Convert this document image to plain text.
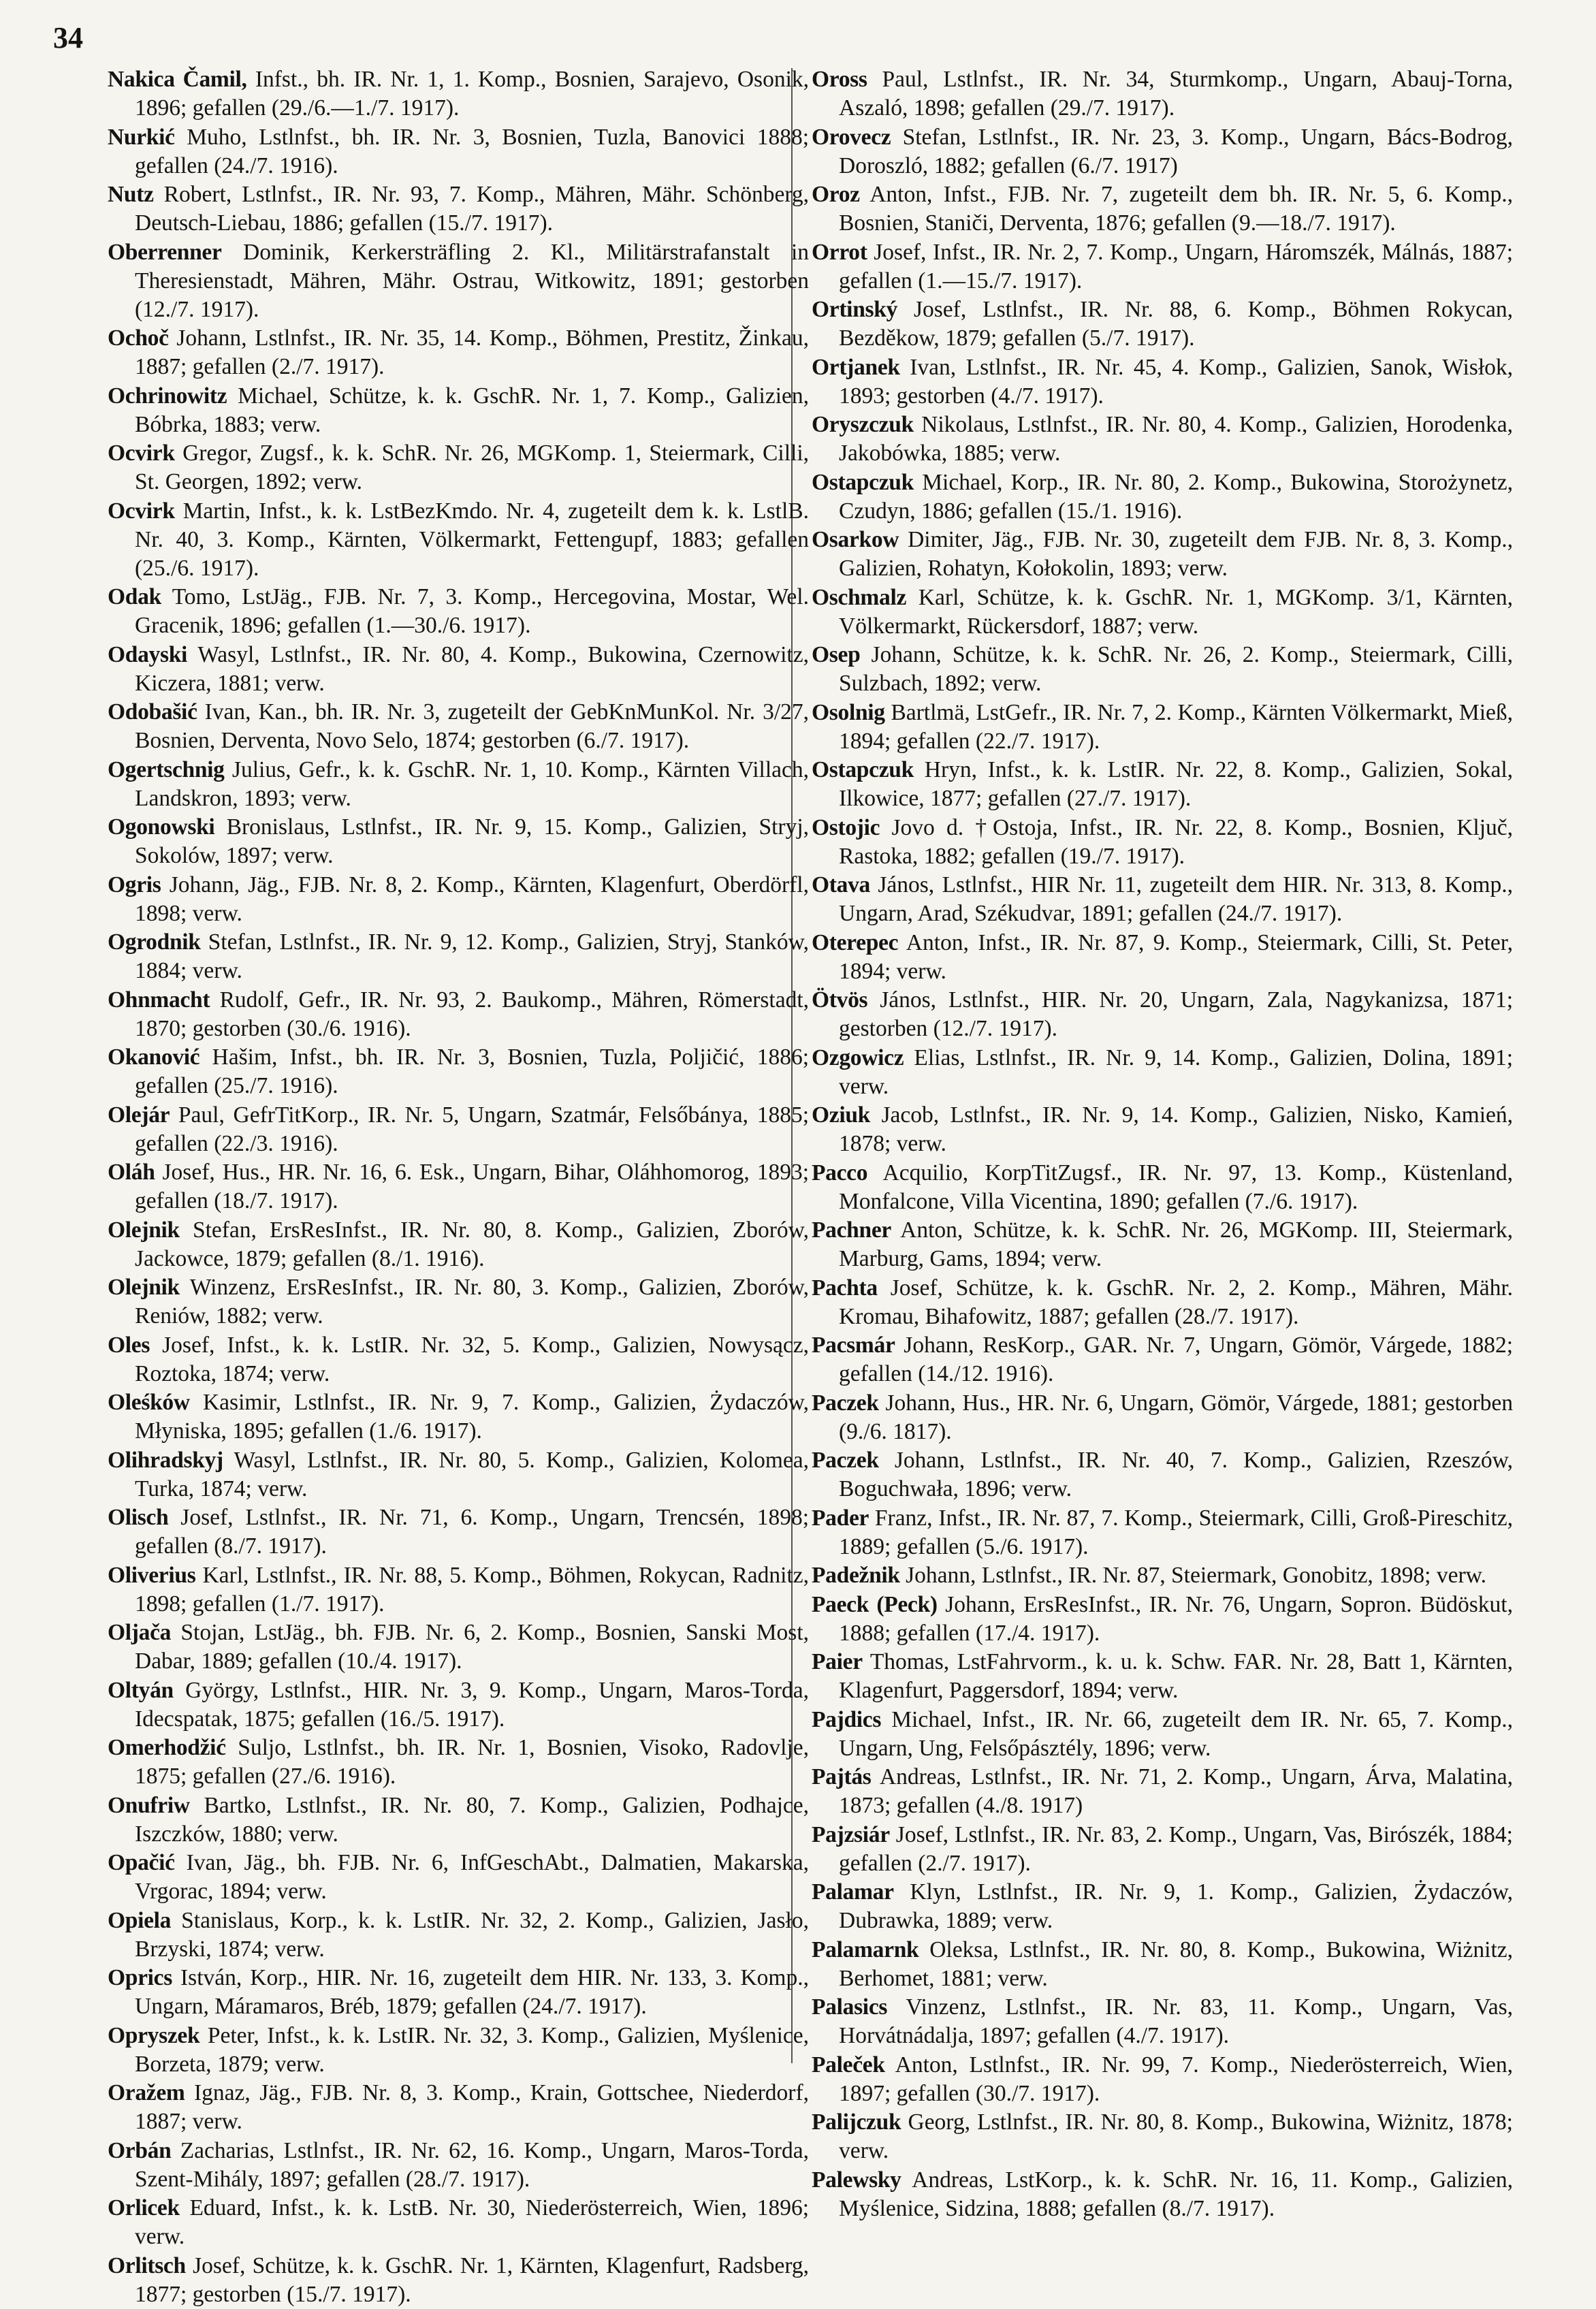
34

Nakica Čamil, Infst., bh. IR. Nr. 1, 1. Komp., Bosnien, Sarajevo, Osonik, 1896; gefallen (29./6.—1./7. 1917).

Nurkić Muho, Lstlnfst., bh. IR. Nr. 3, Bosnien, Tuzla, Banovici 1888; gefallen (24./7. 1916).

Nutz Robert, Lstlnfst., IR. Nr. 93, 7. Komp., Mähren, Mähr. Schönberg, Deutsch-Liebau, 1886; gefallen (15./7. 1917).

Oberrenner Dominik, Kerkersträfling 2. Kl., Militärstrafanstalt in Theresienstadt, Mähren, Mähr. Ostrau, Witkowitz, 1891; gestorben (12./7. 1917).

Ochoč Johann, Lstlnfst., IR. Nr. 35, 14. Komp., Böhmen, Prestitz, Žinkau, 1887; gefallen (2./7. 1917).

Ochrinowitz Michael, Schütze, k. k. GschR. Nr. 1, 7. Komp., Galizien, Bóbrka, 1883; verw.

Ocvirk Gregor, Zugsf., k. k. SchR. Nr. 26, MGKomp. 1, Steiermark, Cilli, St. Georgen, 1892; verw.

Ocvirk Martin, Infst., k. k. LstBezKmdo. Nr. 4, zugeteilt dem k. k. LstlB. Nr. 40, 3. Komp., Kärnten, Völkermarkt, Fettengupf, 1883; gefallen (25./6. 1917).

Odak Tomo, LstJäg., FJB. Nr. 7, 3. Komp., Hercegovina, Mostar, Wel. Gracenik, 1896; gefallen (1.—30./6. 1917).

Odayski Wasyl, Lstlnfst., IR. Nr. 80, 4. Komp., Bukowina, Czernowitz, Kiczera, 1881; verw.

Odobašić Ivan, Kan., bh. IR. Nr. 3, zugeteilt der GebKnMunKol. Nr. 3/27, Bosnien, Derventa, Novo Selo, 1874; gestorben (6./7. 1917).

Ogertschnig Julius, Gefr., k. k. GschR. Nr. 1, 10. Komp., Kärnten Villach, Landskron, 1893; verw.

Ogonowski Bronislaus, Lstlnfst., IR. Nr. 9, 15. Komp., Galizien, Stryj, Sokolów, 1897; verw.

Ogris Johann, Jäg., FJB. Nr. 8, 2. Komp., Kärnten, Klagenfurt, Oberdörfl, 1898; verw.

Ogrodnik Stefan, Lstlnfst., IR. Nr. 9, 12. Komp., Galizien, Stryj, Stanków, 1884; verw.

Ohnmacht Rudolf, Gefr., IR. Nr. 93, 2. Baukomp., Mähren, Römerstadt, 1870; gestorben (30./6. 1916).

Okanović Hašim, Infst., bh. IR. Nr. 3, Bosnien, Tuzla, Poljičić, 1886; gefallen (25./7. 1916).

Olejár Paul, GefrTitKorp., IR. Nr. 5, Ungarn, Szatmár, Felsőbánya, 1885; gefallen (22./3. 1916).

Oláh Josef, Hus., HR. Nr. 16, 6. Esk., Ungarn, Bihar, Oláhhomorog, 1893; gefallen (18./7. 1917).

Olejnik Stefan, ErsResInfst., IR. Nr. 80, 8. Komp., Galizien, Zborów, Jackowce, 1879; gefallen (8./1. 1916).

Olejnik Winzenz, ErsResInfst., IR. Nr. 80, 3. Komp., Galizien, Zborów, Reniów, 1882; verw.

Oles Josef, Infst., k. k. LstIR. Nr. 32, 5. Komp., Galizien, Nowysącz, Roztoka, 1874; verw.

Oleśków Kasimir, Lstlnfst., IR. Nr. 9, 7. Komp., Galizien, Żydaczów, Młyniska, 1895; gefallen (1./6. 1917).

Olihradskyj Wasyl, Lstlnfst., IR. Nr. 80, 5. Komp., Galizien, Kolomea, Turka, 1874; verw.

Olisch Josef, Lstlnfst., IR. Nr. 71, 6. Komp., Ungarn, Trencsén, 1898; gefallen (8./7. 1917).

Oliverius Karl, Lstlnfst., IR. Nr. 88, 5. Komp., Böhmen, Rokycan, Radnitz, 1898; gefallen (1./7. 1917).

Oljača Stojan, LstJäg., bh. FJB. Nr. 6, 2. Komp., Bosnien, Sanski Most, Dabar, 1889; gefallen (10./4. 1917).

Oltyán György, Lstlnfst., HIR. Nr. 3, 9. Komp., Ungarn, Maros-Torda, Idecspatak, 1875; gefallen (16./5. 1917).

Omerhodžić Suljo, Lstlnfst., bh. IR. Nr. 1, Bosnien, Visoko, Radovlje, 1875; gefallen (27./6. 1916).

Onufriw Bartko, Lstlnfst., IR. Nr. 80, 7. Komp., Galizien, Podhajce, Iszczków, 1880; verw.

Opačić Ivan, Jäg., bh. FJB. Nr. 6, InfGeschAbt., Dalmatien, Makarska, Vrgorac, 1894; verw.

Opiela Stanislaus, Korp., k. k. LstIR. Nr. 32, 2. Komp., Galizien, Jasło, Brzyski, 1874; verw.

Oprics István, Korp., HIR. Nr. 16, zugeteilt dem HIR. Nr. 133, 3. Komp., Ungarn, Máramaros, Bréb, 1879; gefallen (24./7. 1917).

Opryszek Peter, Infst., k. k. LstIR. Nr. 32, 3. Komp., Galizien, Myślenice, Borzeta, 1879; verw.

Oražem Ignaz, Jäg., FJB. Nr. 8, 3. Komp., Krain, Gottschee, Niederdorf, 1887; verw.

Orbán Zacharias, Lstlnfst., IR. Nr. 62, 16. Komp., Ungarn, Maros-Torda, Szent-Mihály, 1897; gefallen (28./7. 1917).

Orlicek Eduard, Infst., k. k. LstB. Nr. 30, Niederösterreich, Wien, 1896; verw.

Orlitsch Josef, Schütze, k. k. GschR. Nr. 1, Kärnten, Klagenfurt, Radsberg, 1877; gestorben (15./7. 1917).

Oross Paul, Lstlnfst., IR. Nr. 34, Sturmkomp., Ungarn, Abauj-Torna, Aszaló, 1898; gefallen (29./7. 1917).

Orovecz Stefan, Lstlnfst., IR. Nr. 23, 3. Komp., Ungarn, Bács-Bodrog, Doroszló, 1882; gefallen (6./7. 1917)

Oroz Anton, Infst., FJB. Nr. 7, zugeteilt dem bh. IR. Nr. 5, 6. Komp., Bosnien, Staniči, Derventa, 1876; gefallen (9.—18./7. 1917).

Orrot Josef, Infst., IR. Nr. 2, 7. Komp., Ungarn, Háromszék, Málnás, 1887; gefallen (1.—15./7. 1917).

Ortinský Josef, Lstlnfst., IR. Nr. 88, 6. Komp., Böhmen Rokycan, Bezděkow, 1879; gefallen (5./7. 1917).

Ortjanek Ivan, Lstlnfst., IR. Nr. 45, 4. Komp., Galizien, Sanok, Wisłok, 1893; gestorben (4./7. 1917).

Oryszczuk Nikolaus, Lstlnfst., IR. Nr. 80, 4. Komp., Galizien, Horodenka, Jakobówka, 1885; verw.

Ostapczuk Michael, Korp., IR. Nr. 80, 2. Komp., Bukowina, Storożynetz, Czudyn, 1886; gefallen (15./1. 1916).

Osarkow Dimiter, Jäg., FJB. Nr. 30, zugeteilt dem FJB. Nr. 8, 3. Komp., Galizien, Rohatyn, Kołokolin, 1893; verw.

Oschmalz Karl, Schütze, k. k. GschR. Nr. 1, MGKomp. 3/1, Kärnten, Völkermarkt, Rückersdorf, 1887; verw.

Osep Johann, Schütze, k. k. SchR. Nr. 26, 2. Komp., Steiermark, Cilli, Sulzbach, 1892; verw.

Osolnig Bartlmä, LstGefr., IR. Nr. 7, 2. Komp., Kärnten Völkermarkt, Mieß, 1894; gefallen (22./7. 1917).

Ostapczuk Hryn, Infst., k. k. LstIR. Nr. 22, 8. Komp., Galizien, Sokal, Ilkowice, 1877; gefallen (27./7. 1917).

Ostojic Jovo d. †Ostoja, Infst., IR. Nr. 22, 8. Komp., Bosnien, Ključ, Rastoka, 1882; gefallen (19./7. 1917).

Otava János, Lstlnfst., HIR Nr. 11, zugeteilt dem HIR. Nr. 313, 8. Komp., Ungarn, Arad, Székudvar, 1891; gefallen (24./7. 1917).

Oterepec Anton, Infst., IR. Nr. 87, 9. Komp., Steiermark, Cilli, St. Peter, 1894; verw.

Ötvös János, Lstlnfst., HIR. Nr. 20, Ungarn, Zala, Nagykanizsa, 1871; gestorben (12./7. 1917).

Ozgowicz Elias, Lstlnfst., IR. Nr. 9, 14. Komp., Galizien, Dolina, 1891; verw.

Oziuk Jacob, Lstlnfst., IR. Nr. 9, 14. Komp., Galizien, Nisko, Kamień, 1878; verw.

Pacco Acquilio, KorpTitZugsf., IR. Nr. 97, 13. Komp., Küstenland, Monfalcone, Villa Vicentina, 1890; gefallen (7./6. 1917).

Pachner Anton, Schütze, k. k. SchR. Nr. 26, MGKomp. III, Steiermark, Marburg, Gams, 1894; verw.

Pachta Josef, Schütze, k. k. GschR. Nr. 2, 2. Komp., Mähren, Mähr. Kromau, Bihafowitz, 1887; gefallen (28./7. 1917).

Pacsmár Johann, ResKorp., GAR. Nr. 7, Ungarn, Gömör, Várgede, 1882; gefallen (14./12. 1916).

Paczek Johann, Hus., HR. Nr. 6, Ungarn, Gömör, Várgede, 1881; gestorben (9./6. 1817).

Paczek Johann, Lstlnfst., IR. Nr. 40, 7. Komp., Galizien, Rzeszów, Boguchwała, 1896; verw.

Pader Franz, Infst., IR. Nr. 87, 7. Komp., Steiermark, Cilli, Groß-Pireschitz, 1889; gefallen (5./6. 1917).

Padežnik Johann, Lstlnfst., IR. Nr. 87, Steiermark, Gonobitz, 1898; verw.

Paeck (Peck) Johann, ErsResInfst., IR. Nr. 76, Ungarn, Sopron. Büdöskut, 1888; gefallen (17./4. 1917).

Paier Thomas, LstFahrvorm., k. u. k. Schw. FAR. Nr. 28, Batt 1, Kärnten, Klagenfurt, Paggersdorf, 1894; verw.

Pajdics Michael, Infst., IR. Nr. 66, zugeteilt dem IR. Nr. 65, 7. Komp., Ungarn, Ung, Felsőpásztély, 1896; verw.

Pajtás Andreas, Lstlnfst., IR. Nr. 71, 2. Komp., Ungarn, Árva, Malatina, 1873; gefallen (4./8. 1917)

Pajzsiár Josef, Lstlnfst., IR. Nr. 83, 2. Komp., Ungarn, Vas, Birószék, 1884; gefallen (2./7. 1917).

Palamar Klyn, Lstlnfst., IR. Nr. 9, 1. Komp., Galizien, Żydaczów, Dubrawka, 1889; verw.

Palamarnk Oleksa, Lstlnfst., IR. Nr. 80, 8. Komp., Bukowina, Wiżnitz, Berhomet, 1881; verw.

Palasics Vinzenz, Lstlnfst., IR. Nr. 83, 11. Komp., Ungarn, Vas, Horvátnádalja, 1897; gefallen (4./7. 1917).

Paleček Anton, Lstlnfst., IR. Nr. 99, 7. Komp., Niederösterreich, Wien, 1897; gefallen (30./7. 1917).

Palijczuk Georg, Lstlnfst., IR. Nr. 80, 8. Komp., Bukowina, Wiżnitz, 1878; verw.

Palewsky Andreas, LstKorp., k. k. SchR. Nr. 16, 11. Komp., Galizien, Myślenice, Sidzina, 1888; gefallen (8./7. 1917).
